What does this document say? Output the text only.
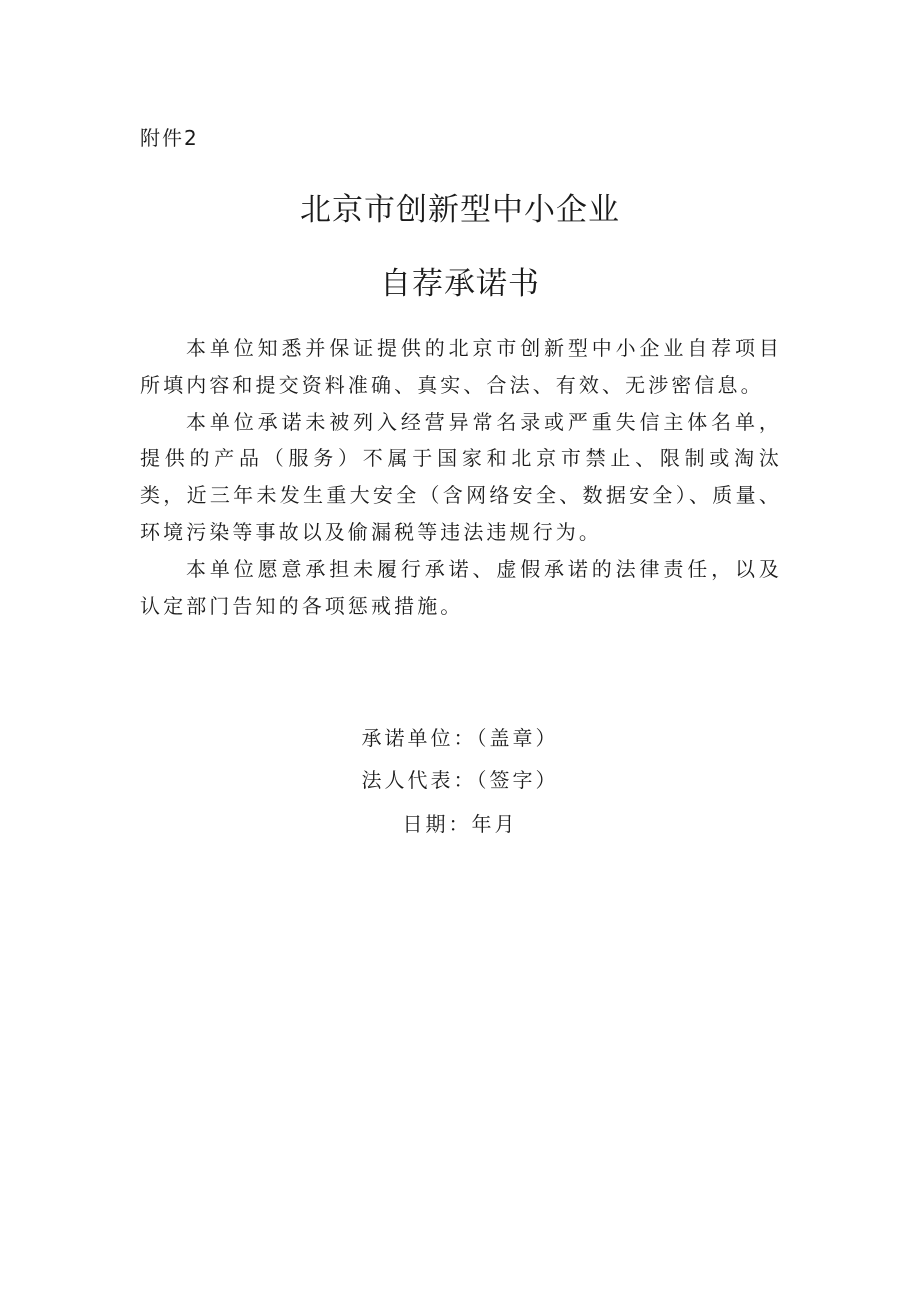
附件2
北京市创新型中小企业
自荐承诺书

本单位知悉并保证提供的北京市创新型中小企业自荐项目所填内容和提交资料准确、真实、合法、有效、无涉密信息。

本单位承诺未被列入经营异常名录或严重失信主体名单，提供的产品（服务）不属于国家和北京市禁止、限制或淘汰类，近三年未发生重大安全（含网络安全、数据安全）、质量、环境污染等事故以及偷漏税等违法违规行为。

本单位愿意承担未履行承诺、虚假承诺的法律责任，以及认定部门告知的各项惩戒措施。

承诺单位：（盖章）
法人代表：（签字）
日期：年月
